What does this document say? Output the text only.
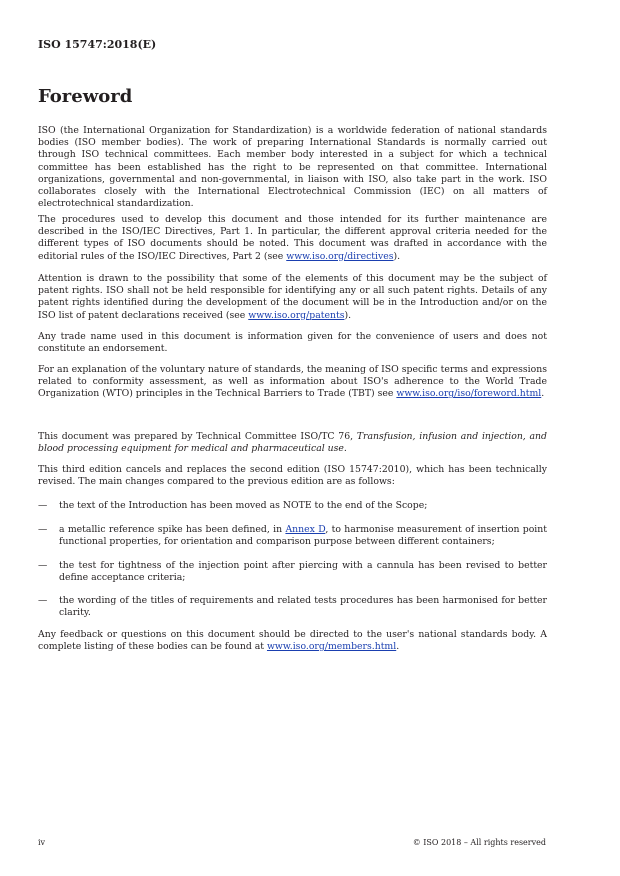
ISO 15747:2018(E)
Foreword
ISO (the International Organization for Standardization) is a worldwide federation of national standards bodies (ISO member bodies). The work of preparing International Standards is normally carried out through ISO technical committees. Each member body interested in a subject for which a technical committee has been established has the right to be represented on that committee. International organizations, governmental and non-governmental, in liaison with ISO, also take part in the work. ISO collaborates closely with the International Electrotechnical Commission (IEC) on all matters of electrotechnical standardization.
The procedures used to develop this document and those intended for its further maintenance are described in the ISO/IEC Directives, Part 1. In particular, the different approval criteria needed for the different types of ISO documents should be noted. This document was drafted in accordance with the editorial rules of the ISO/IEC Directives, Part 2 (see www.iso.org/directives).
Attention is drawn to the possibility that some of the elements of this document may be the subject of patent rights. ISO shall not be held responsible for identifying any or all such patent rights. Details of any patent rights identified during the development of the document will be in the Introduction and/or on the ISO list of patent declarations received (see www.iso.org/patents).
Any trade name used in this document is information given for the convenience of users and does not constitute an endorsement.
For an explanation of the voluntary nature of standards, the meaning of ISO specific terms and expressions related to conformity assessment, as well as information about ISO's adherence to the World Trade Organization (WTO) principles in the Technical Barriers to Trade (TBT) see www.iso.org/iso/foreword.html.
This document was prepared by Technical Committee ISO/TC 76, Transfusion, infusion and injection, and blood processing equipment for medical and pharmaceutical use.
This third edition cancels and replaces the second edition (ISO 15747:2010), which has been technically revised. The main changes compared to the previous edition are as follows:
— the text of the Introduction has been moved as NOTE to the end of the Scope;
— a metallic reference spike has been defined, in Annex D, to harmonise measurement of insertion point functional properties, for orientation and comparison purpose between different containers;
— the test for tightness of the injection point after piercing with a cannula has been revised to better define acceptance criteria;
— the wording of the titles of requirements and related tests procedures has been harmonised for better clarity.
Any feedback or questions on this document should be directed to the user's national standards body. A complete listing of these bodies can be found at www.iso.org/members.html.
iv	© ISO 2018 – All rights reserved
